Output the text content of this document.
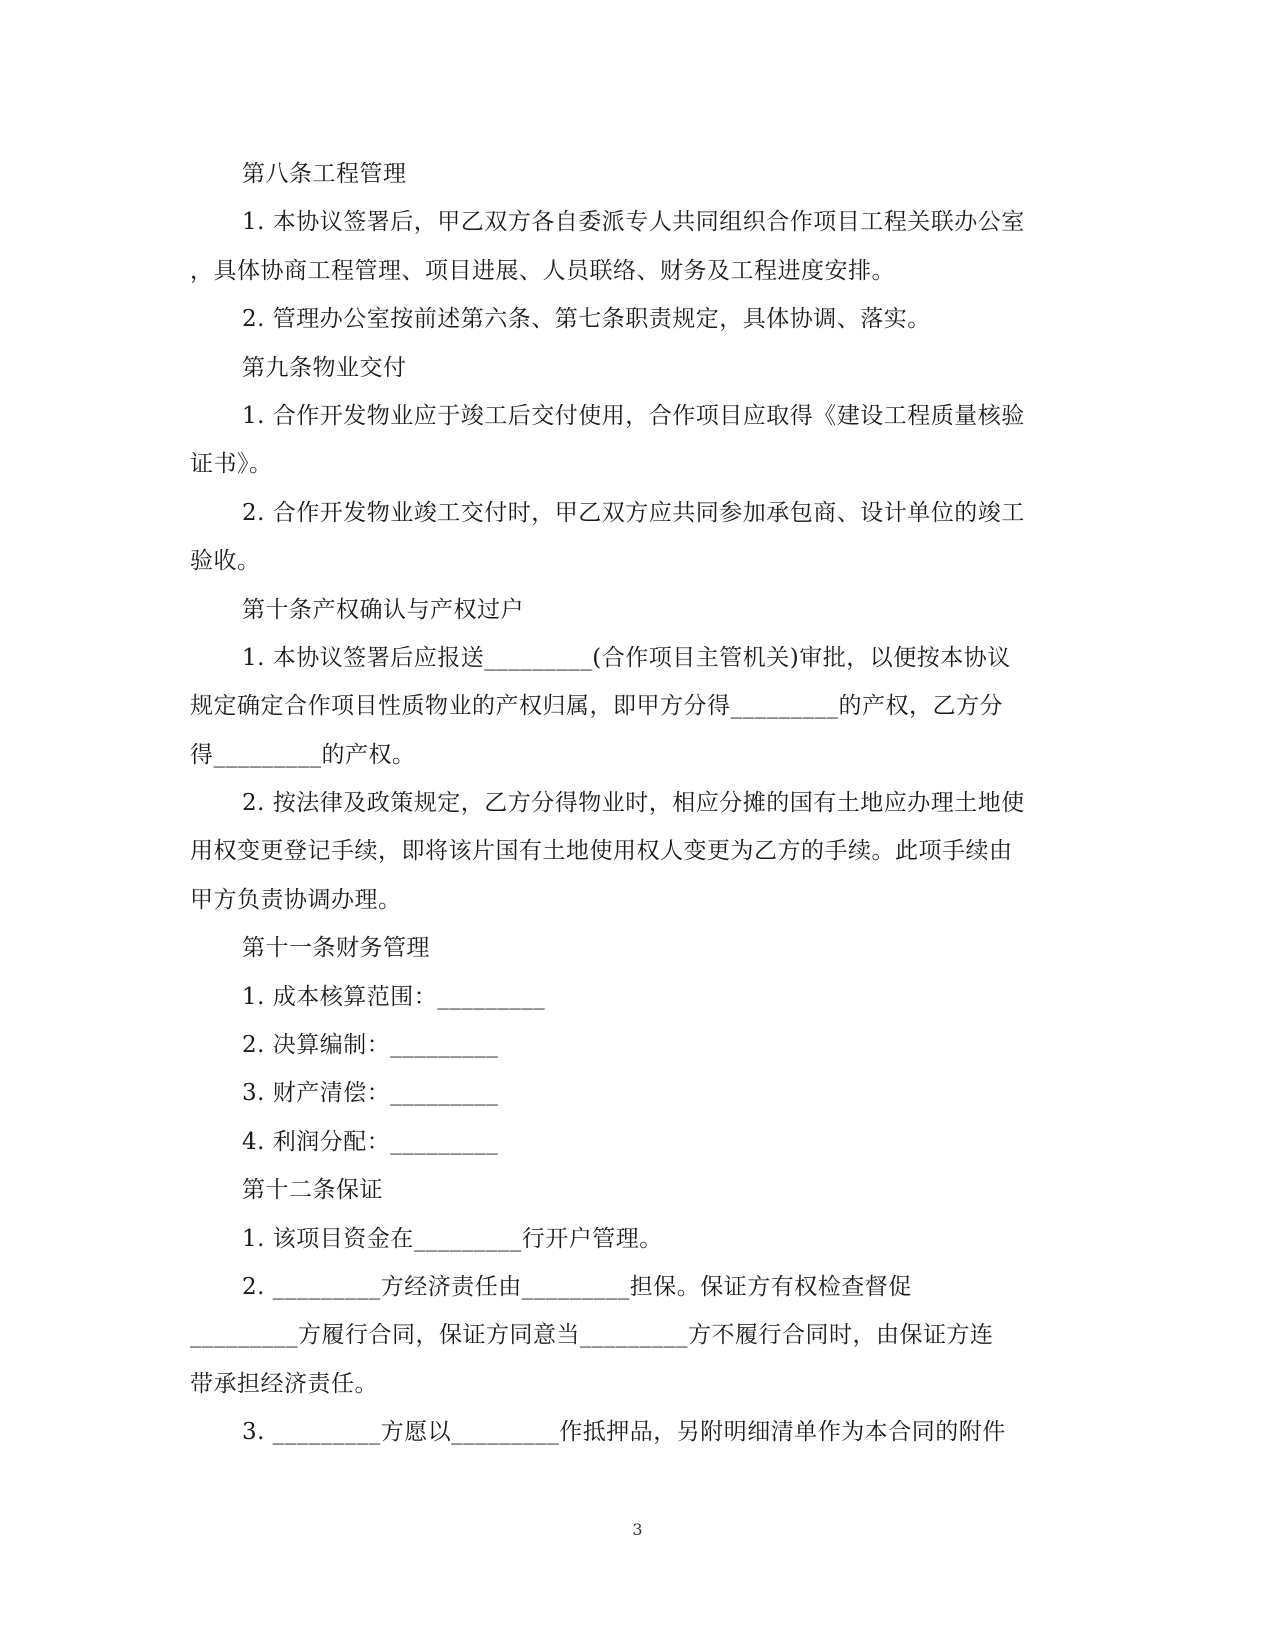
第八条工程管理
1. 本协议签署后，甲乙双方各自委派专人共同组织合作项目工程关联办公室
，具体协商工程管理、项目进展、人员联络、财务及工程进度安排。
2. 管理办公室按前述第六条、第七条职责规定，具体协调、落实。
第九条物业交付
1. 合作开发物业应于竣工后交付使用，合作项目应取得《建设工程质量核验
证书》。
2. 合作开发物业竣工交付时，甲乙双方应共同参加承包商、设计单位的竣工
验收。
第十条产权确认与产权过户
1. 本协议签署后应报送_________(合作项目主管机关)审批，以便按本协议
规定确定合作项目性质物业的产权归属，即甲方分得_________的产权，乙方分
得_________的产权。
2. 按法律及政策规定，乙方分得物业时，相应分摊的国有土地应办理土地使
用权变更登记手续，即将该片国有土地使用权人变更为乙方的手续。此项手续由
甲方负责协调办理。
第十一条财务管理
1. 成本核算范围：_________
2. 决算编制：_________
3. 财产清偿：_________
4. 利润分配：_________
第十二条保证
1. 该项目资金在_________行开户管理。
2. _________方经济责任由_________担保。保证方有权检查督促
_________方履行合同，保证方同意当_________方不履行合同时，由保证方连
带承担经济责任。
3. _________方愿以_________作抵押品，另附明细清单作为本合同的附件
3
